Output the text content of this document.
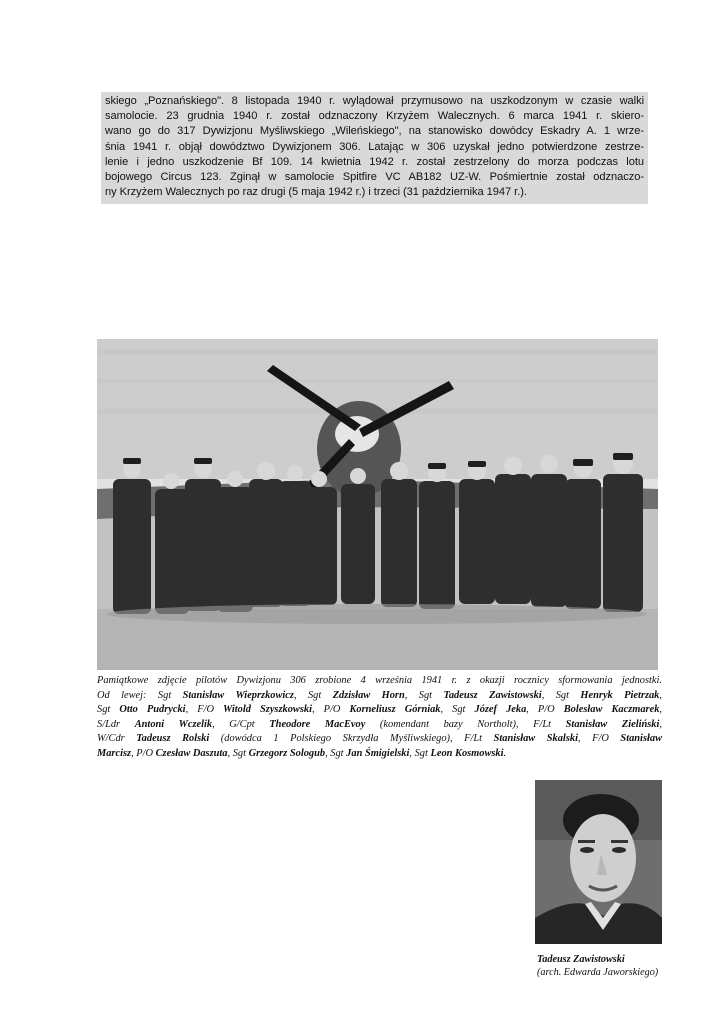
skiego „Poznańskiego". 8 listopada 1940 r. wylądował przymusowo na uszkodzonym w czasie walki
samolocie. 23 grudnia 1940 r. został odznaczony Krzyżem Walecznych. 6 marca 1941 r. skiero-
wano go do 317 Dywizjonu Myśliwskiego „Wileńskiego", na stanowisko dowódcy Eskadry A. 1 wrze-
śnia 1941 r. objął dowództwo Dywizjonem 306. Latając w 306 uzyskał jedno potwierdzone zestrze-
lenie i jedno uszkodzenie Bf 109. 14 kwietnia 1942 r. został zestrzelony do morza podczas lotu
bojowego Circus 123. Zginął w samolocie Spitfire VC AB182 UZ-W. Pośmiertnie został odznaczo-
ny Krzyżem Walecznych po raz drugi (5 maja 1942 r.) i trzeci (31 października 1947 r.).
Pamiątkowe zdjęcie pilotów Dywizjonu 306 zrobione 4 września 1941 r. z okazji rocznicy sformowania jednostki.
Od lewej: Sgt Stanisław Wieprzkowicz, Sgt Zdzisław Horn, Sgt Tadeusz Zawistowski, Sgt Henryk Pietrzak,
Sgt Otto Pudrycki, F/O Witold Szyszkowski, P/O Korneliusz Górniak, Sgt Józef Jeka, P/O Bolesław Kaczmarek,
S/Ldr Antoni Wczelik, G/Cpt Theodore MacEvoy (komendant bazy Northolt), F/Lt Stanisław Zieliński,
W/Cdr Tadeusz Rolski (dowódca 1 Polskiego Skrzydła Myśliwskiego), F/Lt Stanisław Skalski, F/O Stanisław
Marcisz, P/O Czesław Daszuta, Sgt Grzegorz Sologub, Sgt Jan Śmigielski, Sgt Leon Kosmowski.
Tadeusz Zawistowski
(arch. Edwarda Jaworskiego)
